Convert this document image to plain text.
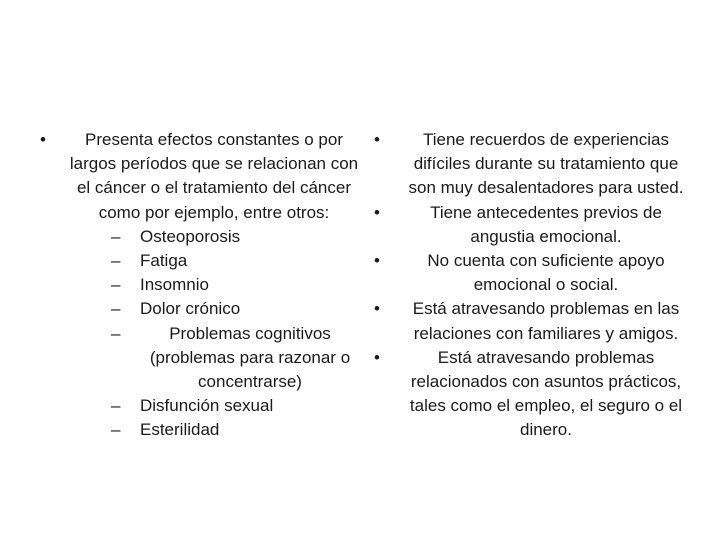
• Presenta efectos constantes o por largos períodos que se relacionan con el cáncer o el tratamiento del cáncer como por ejemplo, entre otros:
– Osteoporosis
– Fatiga
– Insomnio
– Dolor crónico
–	Problemas cognitivos (problemas para razonar o concentrarse)
– Disfunción sexual
– Esterilidad
•	Tiene recuerdos de experiencias difíciles durante su tratamiento que son muy desalentadores para usted.
•	Tiene antecedentes previos de angustia emocional.
•	No cuenta con suficiente apoyo emocional o social.
• Está atravesando problemas en las relaciones con familiares y amigos.
•	Está atravesando problemas relacionados con asuntos prácticos, tales como el empleo, el seguro o el dinero.
